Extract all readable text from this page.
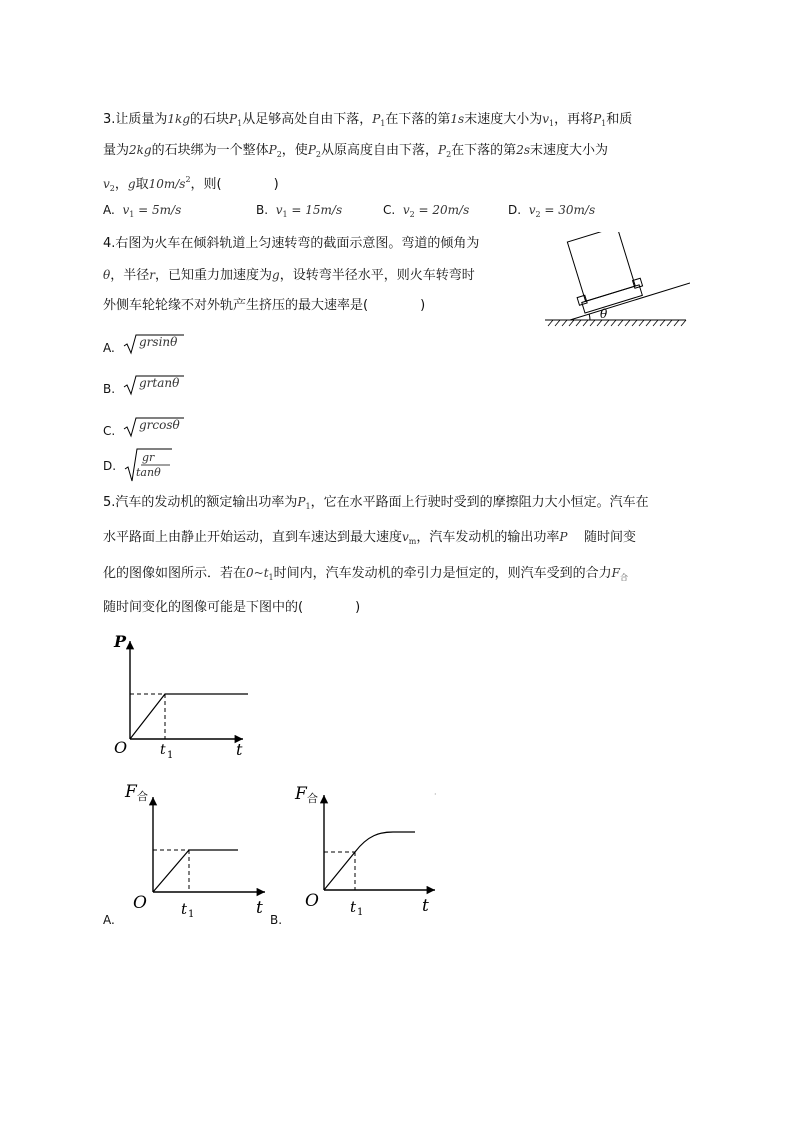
3.让质量为1kg的石块$P_1$从足够高处自由下落，$P_1$在下落的第1s末速度大小为$v_1$，再将$P_1$和质
量为2kg的石块绑为一个整体$P_2$，使$P_2$从原高度自由下落，$P_2$在下落的第2s末速度大小为
$v_2$，g取$10m/s^2$，则(　　　　)
A. $v_1 = 5m/s$	B. $v_1 = 15m/s$	C. $v_2 = 20m/s$	D. $v_2 = 30m/s$
4.右图为火车在倾斜轨道上匀速转弯的截面示意图。弯道的倾角为
θ，半径r，已知重力加速度为g，设转弯半径水平，则火车转弯时
外侧车轮轮缘不对外轨产生挤压的最大速率是(　　　　)
θ
A. grsinθ
B. grtanθ
C. grcosθ
D.
gr
tanθ
5.汽车的发动机的额定输出功率为$P_1$，它在水平路面上行驶时受到的摩擦阻力大小恒定。汽车在
水平路面上由静止开始运动，直到车速达到最大速度$v_m$，汽车发动机的输出功率P 随时间变
化的图像如图所示．若在$0\sim t_1$时间内，汽车发动机的牵引力是恒定的，则汽车受到的合力$F_合$
随时间变化的图像可能是下图中的(　　　　)
P
O t 1	t
F 合
O t 1	t
A.
F 合
O t 1	t
·
B.
